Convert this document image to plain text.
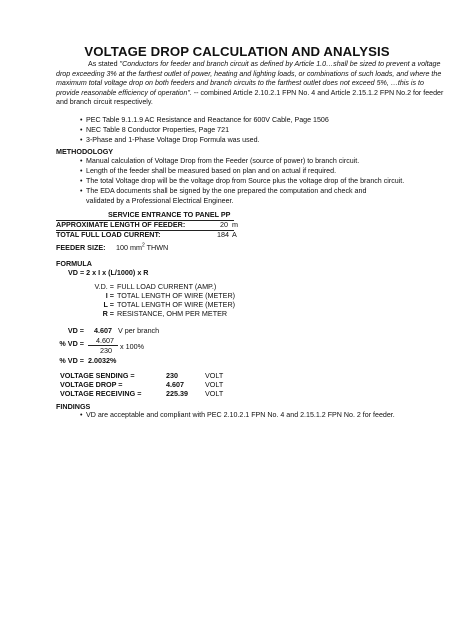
VOLTAGE DROP CALCULATION AND ANALYSIS
As stated "Conductors for feeder and branch circuit as defined by Article 1.0…shall be sized to prevent a voltage drop exceeding 3% at the farthest outlet of power, heating and lighting loads, or combinations of such loads, and where the maximum total voltage drop on both feeders and branch circuits to the farthest outlet does not exceed 5%, …this is to provide reasonable efficiency of operation". -- combined Article 2.10.2.1 FPN No. 4 and Article 2.15.1.2 FPN No.2 for feeder and branch circuit respectively.
• PEC Table 9.1.1.9 AC Resistance and Reactance for 600V Cable, Page 1506
• NEC Table 8 Conductor Properties, Page 721
• 3-Phase and 1-Phase Voltage Drop Formula was used.
METHODOLOGY
• Manual calculation of Voltage Drop from the Feeder (source of power) to branch circuit.
• Length of the feeder shall be measured based on plan and on actual if required.
• The total Voltage drop will be the voltage drop from Source plus the voltage drop of the branch circuit.
• The EDA documents shall be signed by the one prepared the computation and check and validated by a Professional Electrical Engineer.
SERVICE ENTRANCE TO PANEL PP
APPROXIMATE LENGTH OF FEEDER:	20 m
TOTAL FULL LOAD CURRENT:	184 A
FEEDER SIZE: 100 $mm^2$ THWN
FORMULA
VD = 2 x I x (L/1000) x R
V.D. = FULL LOAD CURRENT (AMP.)
I = TOTAL LENGTH OF WIRE (METER)
L = TOTAL LENGTH OF WIRE (METER)
R = RESISTANCE, OHM PER METER
VD = 4.607 V per branch
% VD = 4.607
x 100%
230
% VD = 2.0032%
VOLTAGE SENDING =	230	VOLT
VOLTAGE DROP =	4.607	VOLT
VOLTAGE RECEIVING =	225.39 VOLT
FINDINGS
• VD are acceptable and compliant with PEC 2.10.2.1 FPN No. 4 and 2.15.1.2 FPN No. 2 for feeder.
